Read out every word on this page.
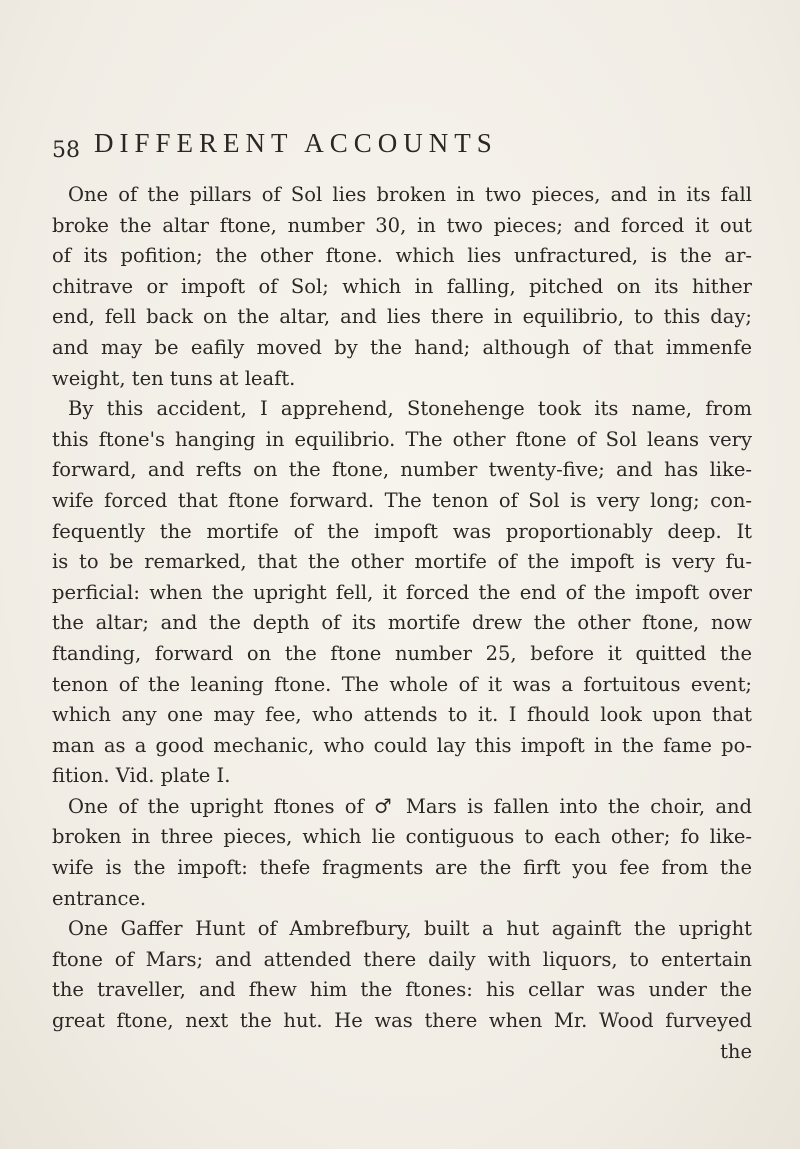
58 DIFFERENT ACCOUNTS
One of the pillars of Sol lies broken in two pieces, and in its fall
broke the altar ftone, number 30, in two pieces; and forced it out
of its pofition; the other ftone. which lies unfractured, is the ar-
chitrave or impoft of Sol; which in falling, pitched on its hither
end, fell back on the altar, and lies there in equilibrio, to this day;
and may be eafily moved by the hand; although of that immenfe
weight, ten tuns at leaft.
By this accident, I apprehend, Stonehenge took its name, from
this ftone's hanging in equilibrio. The other ftone of Sol leans very
forward, and refts on the ftone, number twenty-five; and has like-
wife forced that ftone forward. The tenon of Sol is very long; con-
fequently the mortife of the impoft was proportionably deep. It
is to be remarked, that the other mortife of the impoft is very fu-
perficial: when the upright fell, it forced the end of the impoft over
the altar; and the depth of its mortife drew the other ftone, now
ftanding, forward on the ftone number 25, before it quitted the
tenon of the leaning ftone. The whole of it was a fortuitous event;
which any one may fee, who attends to it. I fhould look upon that
man as a good mechanic, who could lay this impoft in the fame po-
fition. Vid. plate I.
One of the upright ftones of ♂ Mars is fallen into the choir, and
broken in three pieces, which lie contiguous to each other; fo like-
wife is the impoft: thefe fragments are the firft you fee from the
entrance.
One Gaffer Hunt of Ambrefbury, built a hut againft the upright
ftone of Mars; and attended there daily with liquors, to entertain
the traveller, and fhew him the ftones: his cellar was under the
great ftone, next the hut. He was there when Mr. Wood furveyed
the
